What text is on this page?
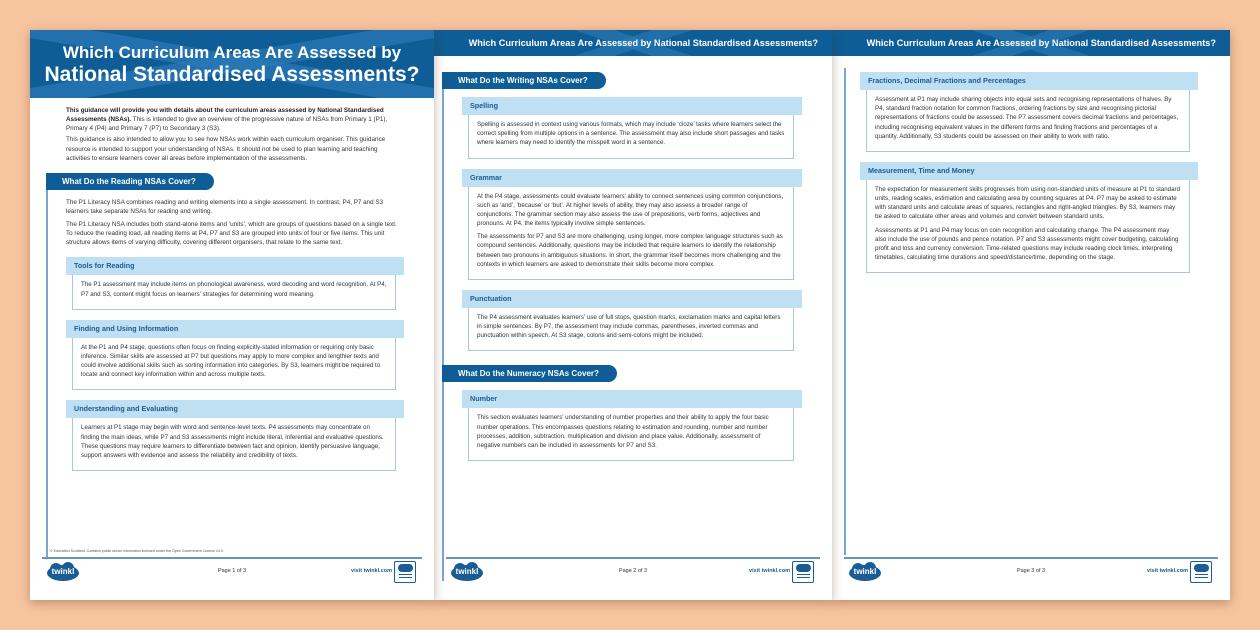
Which Curriculum Areas Are Assessed by
National Standardised Assessments?

This guidance will provide you with details about the curriculum areas assessed by National Standardised Assessments (NSAs). This is intended to give an overview of the progressive nature of NSAs from Primary 1 (P1), Primary 4 (P4) and Primary 7 (P7) to Secondary 3 (S3).

This guidance is also intended to allow you to see how NSAs work within each curriculum organiser. This guidance resource is intended to support your understanding of NSAs. It should not be used to plan learning and teaching activities to ensure learners cover all areas before implementation of the assessments.

What Do the Reading NSAs Cover?

The P1 Literacy NSA combines reading and writing elements into a single assessment. In contrast, P4, P7 and S3 learners take separate NSAs for reading and writing.

The P1 Literacy NSA includes both stand-alone items and ‘units’, which are groups of questions based on a single text. To reduce the reading load, all reading items at P4, P7 and S3 are grouped into units of four or five items. This unit structure allows items of varying difficulty, covering different organisers, that relate to the same text.

Tools for Reading

The P1 assessment may include items on phonological awareness, word decoding and word recognition. At P4, P7 and S3, content might focus on learners’ strategies for determining word meaning.

Finding and Using Information

At the P1 and P4 stage, questions often focus on finding explicitly-stated information or requiring only basic inference. Similar skills are assessed at P7 but questions may apply to more complex and lengthier texts and could involve additional skills such as sorting information into categories. By S3, learners might be required to locate and connect key information within and across multiple texts.

Understanding and Evaluating

Learners at P1 stage may begin with word and sentence-level texts. P4 assessments may concentrate on finding the main ideas, while P7 and S3 assessments might include literal, inferential and evaluative questions. These questions may require learners to differentiate between fact and opinion, identify persuasive language, support answers with evidence and assess the reliability and credibility of texts.

© Education Scotland: Contains public sector information licensed under the Open Government Licence v3.0.
twinkl	Page 1 of 3	visit twinkl.com
Which Curriculum Areas Are Assessed by National Standardised Assessments?
What Do the Writing NSAs Cover?
Spelling

Spelling is assessed in context using various formats, which may include ‘cloze’ tasks where learners select the correct spelling from multiple options in a sentence. The assessment may also include short passages and tasks where learners may need to identify the misspelt word in a sentence.

Grammar

At the P4 stage, assessments could evaluate learners’ ability to connect sentences using common conjunctions, such as ‘and’, ‘because’ or ‘but’. At higher levels of ability, they may also assess a broader range of conjunctions. The grammar section may also assess the use of prepositions, verb forms, adjectives and pronouns. At P4, the items typically involve simple sentences.

The assessments for P7 and S3 are more challenging, using longer, more complex language structures such as compound sentences. Additionally, questions may be included that require learners to identify the relationship between two pronouns in ambiguous situations. In short, the grammar itself becomes more challenging and the contexts in which learners are asked to demonstrate their skills become more complex.

Punctuation

The P4 assessment evaluates learners’ use of full stops, question marks, exclamation marks and capital letters in simple sentences. By P7, the assessment may include commas, parentheses, inverted commas and punctuation within speech. At S3 stage, colons and semi-colons might be included.

What Do the Numeracy NSAs Cover?
Number

This section evaluates learners’ understanding of number properties and their ability to apply the four basic number operations. This encompasses questions relating to estimation and rounding, number and number processes, addition, subtraction, multiplication and division and place value. Additionally, assessment of negative numbers can be included in assessments for P7 and S3.

twinkl	Page 2 of 3	visit twinkl.com
Which Curriculum Areas Are Assessed by National Standardised Assessments?
Fractions, Decimal Fractions and Percentages

Assessment at P1 may include sharing objects into equal sets and recognising representations of halves. By P4, standard fraction notation for common fractions, ordering fractions by size and recognising pictorial representations of fractions could be assessed. The P7 assessment covers decimal fractions and percentages, including recognising equivalent values in the different forms and finding fractions and percentages of a quantity. Additionally, S3 students could be assessed on their ability to work with ratio.

Measurement, Time and Money

The expectation for measurement skills progresses from using non-standard units of measure at P1 to standard units, reading scales, estimation and calculating area by counting squares at P4. P7 may be asked to estimate with standard units and calculate areas of squares, rectangles and right-angled triangles. By S3, learners may be asked to calculate other areas and volumes and convert between standard units.

Assessments at P1 and P4 may focus on coin recognition and calculating change. The P4 assessment may also include the use of pounds and pence notation. P7 and S3 assessments might cover budgeting, calculating profit and loss and currency conversion. Time-related questions may include reading clock times, interpreting timetables, calculating time durations and speed/distance/time, depending on the stage.

twinkl	Page 3 of 3	visit twinkl.com
